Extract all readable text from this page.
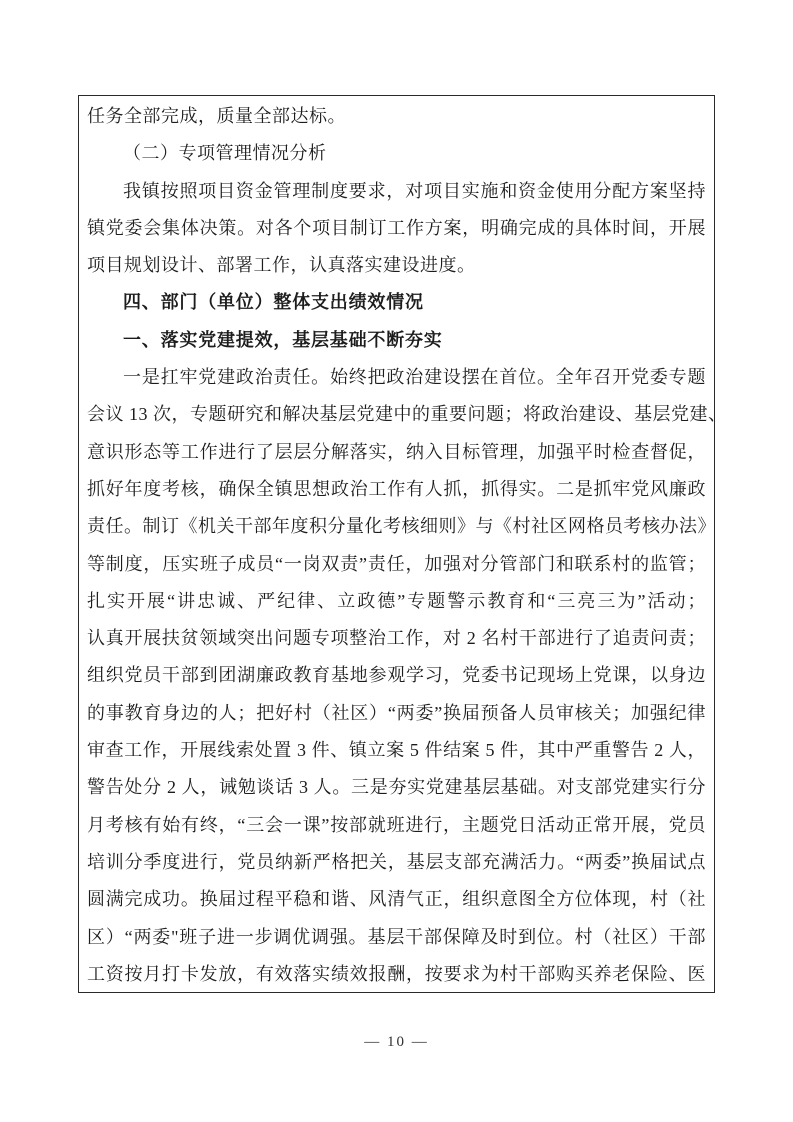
任务全部完成，质量全部达标。
（二）专项管理情况分析
我镇按照项目资金管理制度要求，对项目实施和资金使用分配方案坚持
镇党委会集体决策。对各个项目制订工作方案，明确完成的具体时间，开展
项目规划设计、部署工作，认真落实建设进度。
四、部门（单位）整体支出绩效情况
一、落实党建提效，基层基础不断夯实
一是扛牢党建政治责任。始终把政治建设摆在首位。全年召开党委专题
会议 13 次，专题研究和解决基层党建中的重要问题；将政治建设、基层党建、
意识形态等工作进行了层层分解落实，纳入目标管理，加强平时检查督促，
抓好年度考核，确保全镇思想政治工作有人抓，抓得实。二是抓牢党风廉政
责任。制订《机关干部年度积分量化考核细则》与《村社区网格员考核办法》
等制度，压实班子成员“一岗双责”责任，加强对分管部门和联系村的监管；
扎实开展“讲忠诚、严纪律、立政德”专题警示教育和“三亮三为”活动；
认真开展扶贫领域突出问题专项整治工作，对 2 名村干部进行了追责问责；
组织党员干部到团湖廉政教育基地参观学习，党委书记现场上党课，以身边
的事教育身边的人；把好村（社区）“两委”换届预备人员审核关；加强纪律
审查工作，开展线索处置 3 件、镇立案 5 件结案 5 件，其中严重警告 2 人，
警告处分 2 人，诫勉谈话 3 人。三是夯实党建基层基础。对支部党建实行分
月考核有始有终，“三会一课”按部就班进行，主题党日活动正常开展，党员
培训分季度进行，党员纳新严格把关，基层支部充满活力。“两委”换届试点
圆满完成功。换届过程平稳和谐、风清气正，组织意图全方位体现，村（社
区）“两委"班子进一步调优调强。基层干部保障及时到位。村（社区）干部
工资按月打卡发放，有效落实绩效报酬，按要求为村干部购买养老保险、医
— 10 —
